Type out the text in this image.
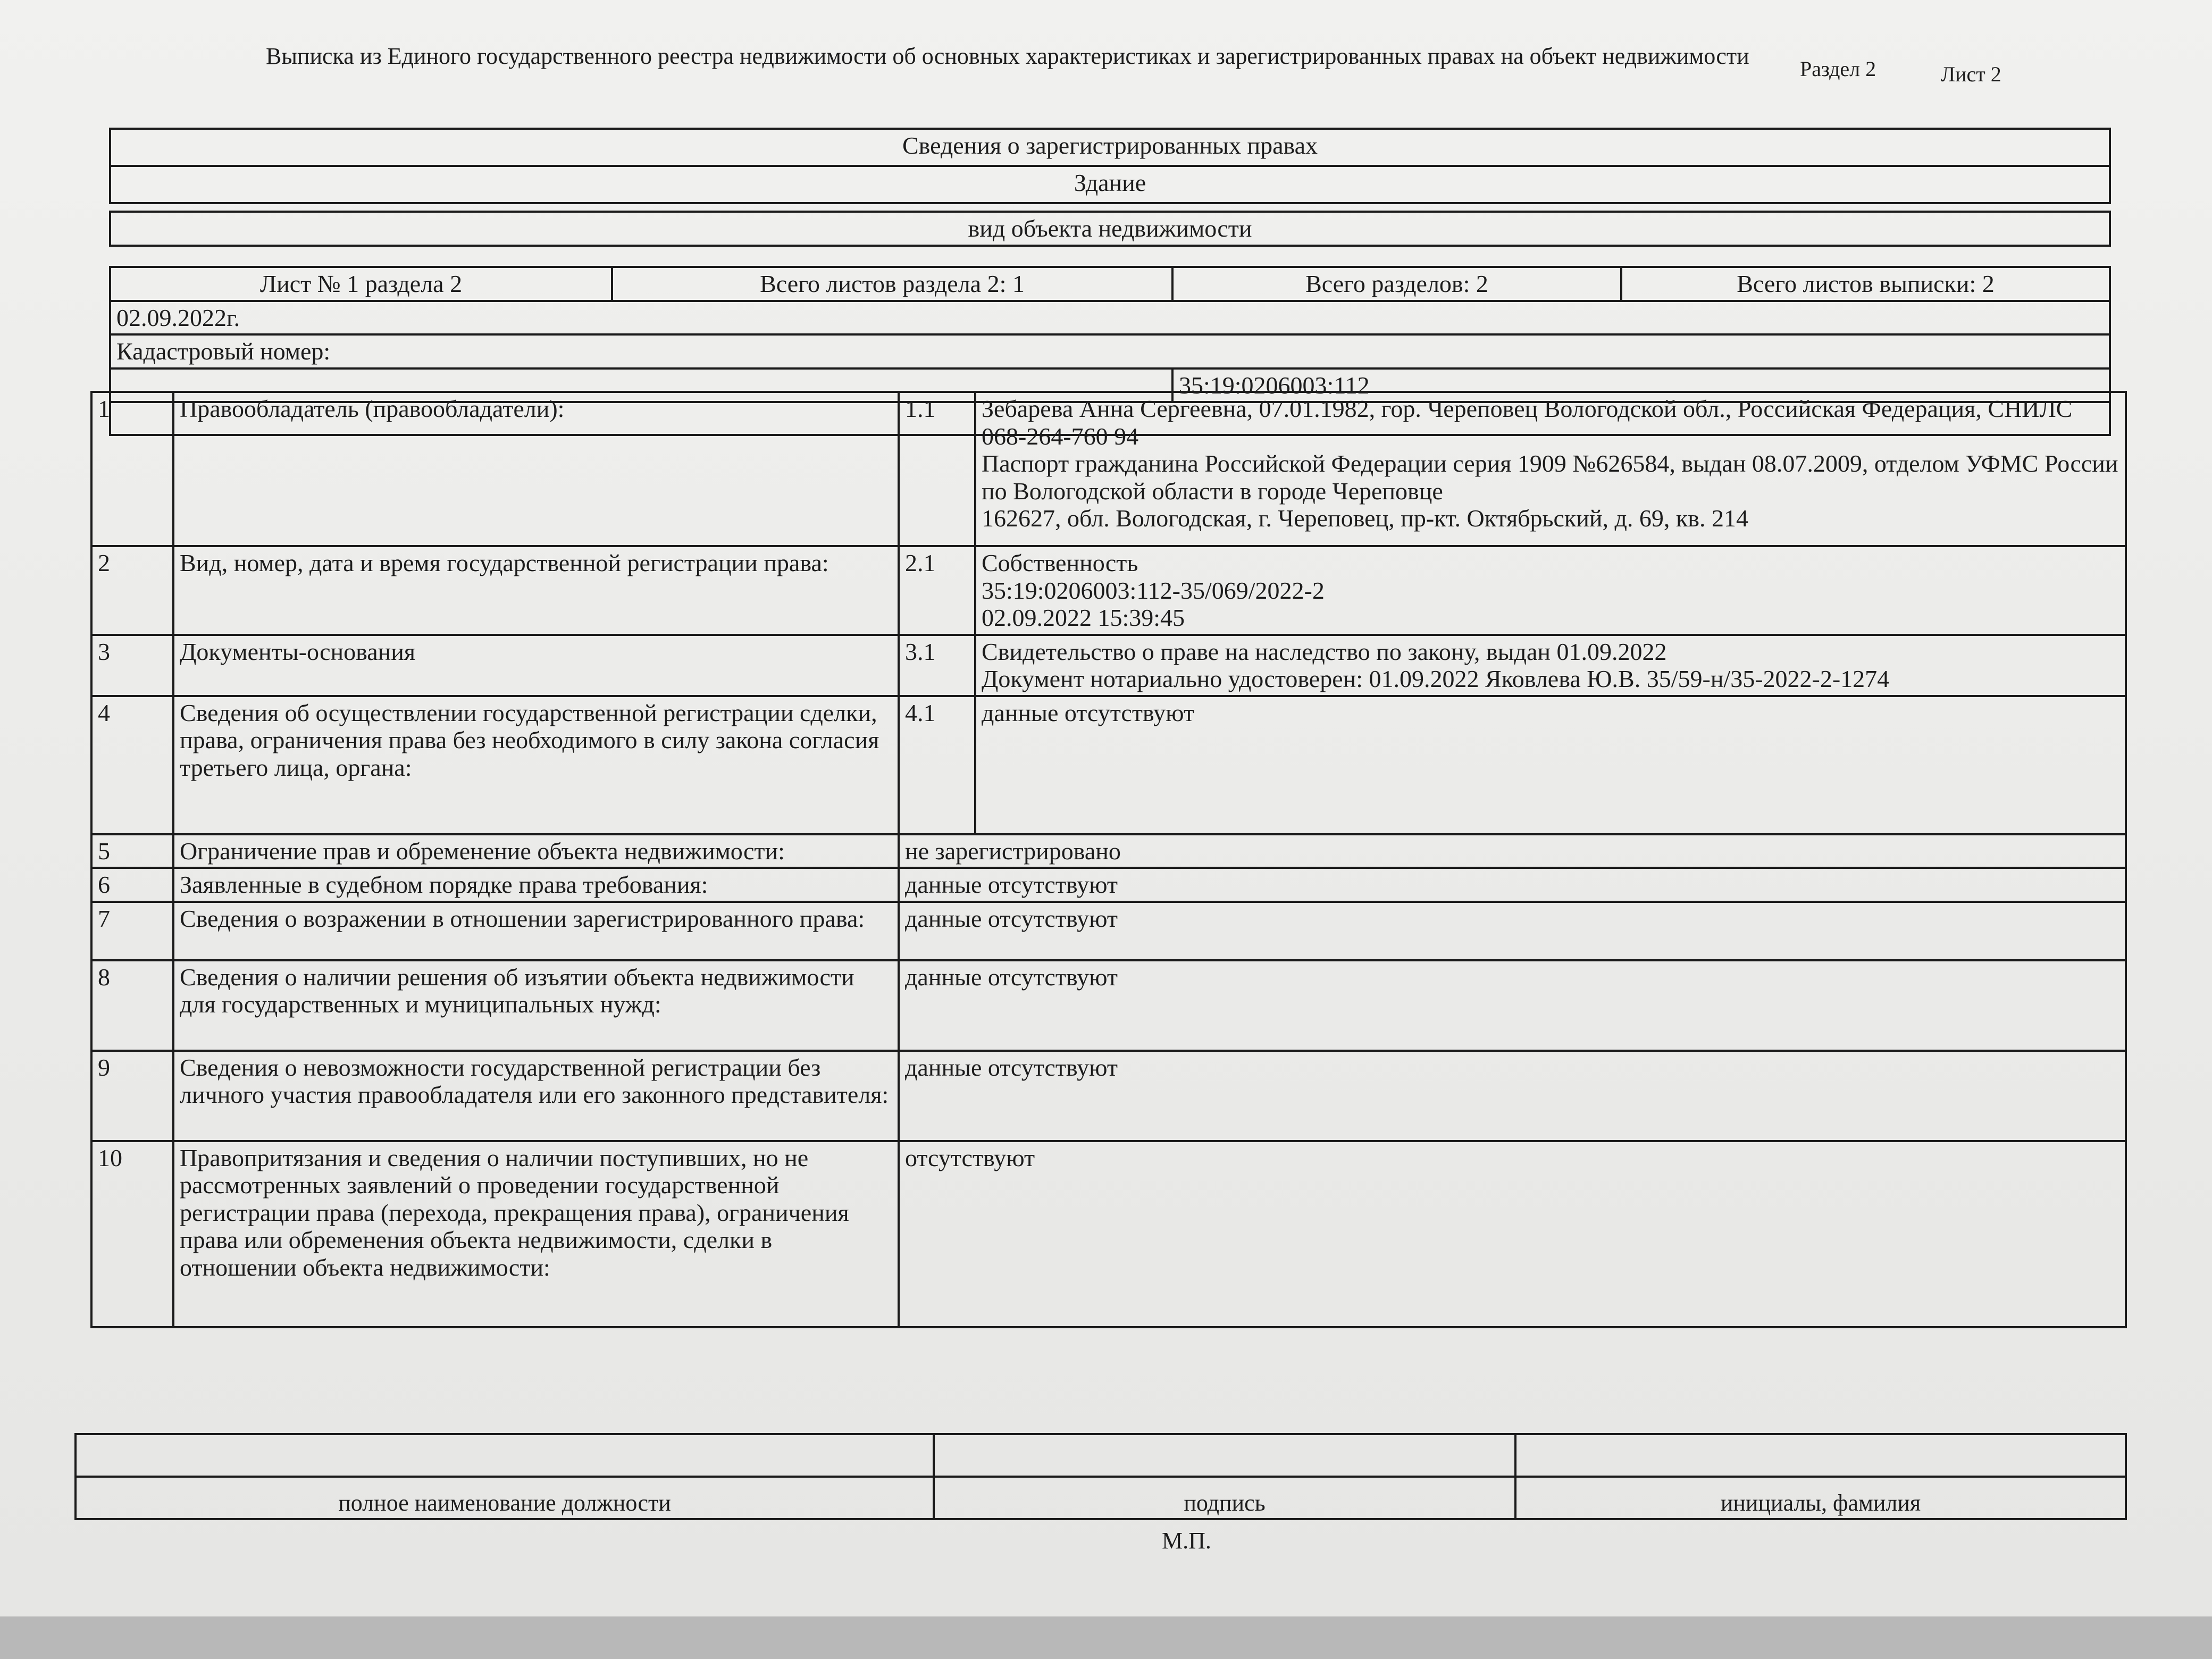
Выписка из Единого государственного реестра недвижимости об основных характеристиках и зарегистрированных правах на объект недвижимости Раздел 2	Лист 2
Сведения о зарегистрированных правах
Здание
вид объекта недвижимости
Лист № 1 раздела 2	Всего листов раздела 2: 1	Всего разделов: 2	Всего листов выписки: 2
02.09.2022г.			
Кадастровый номер:			
		35:19:0206003:112	

1	Правообладатель (правообладатели):	1.1	Зебарева Анна Сергеевна, 07.01.1982, гор. Череповец Вологодской обл., Российская Федерация, СНИЛС 068-264-760 94
Паспорт гражданина Российской Федерации серия 1909 №626584, выдан 08.07.2009, отделом УФМС России по Вологодской области в городе Череповце
162627, обл. Вологодская, г. Череповец, пр-кт. Октябрьский, д. 69, кв. 214
2	Вид, номер, дата и время государственной регистрации права:	2.1	Собственность
35:19:0206003:112-35/069/2022-2
02.09.2022 15:39:45
3	Документы-основания	3.1	Свидетельство о праве на наследство по закону, выдан 01.09.2022
Документ нотариально удостоверен: 01.09.2022 Яковлева Ю.В. 35/59-н/35-2022-2-1274
4	Сведения об осуществлении государственной регистрации сделки, права, ограничения права без необходимого в силу закона согласия третьего лица, органа:	4.1	данные отсутствуют
5	Ограничение прав и обременение объекта недвижимости:	не зарегистрировано	
6	Заявленные в судебном порядке права требования:	данные отсутствуют	
7	Сведения о возражении в отношении зарегистрированного права:	данные отсутствуют	
8	Сведения о наличии решения об изъятии объекта недвижимости для государственных и муниципальных нужд:	данные отсутствуют	
9	Сведения о невозможности государственной регистрации без личного участия правообладателя или его законного представителя:	данные отсутствуют	
10	Правопритязания и сведения о наличии поступивших, но не рассмотренных заявлений о проведении государственной регистрации права (перехода, прекращения права), ограничения права или обременения объекта недвижимости, сделки в отношении объекта недвижимости:	отсутствуют	

полное наименование должности	подпись	инициалы, фамилия
М.П.
